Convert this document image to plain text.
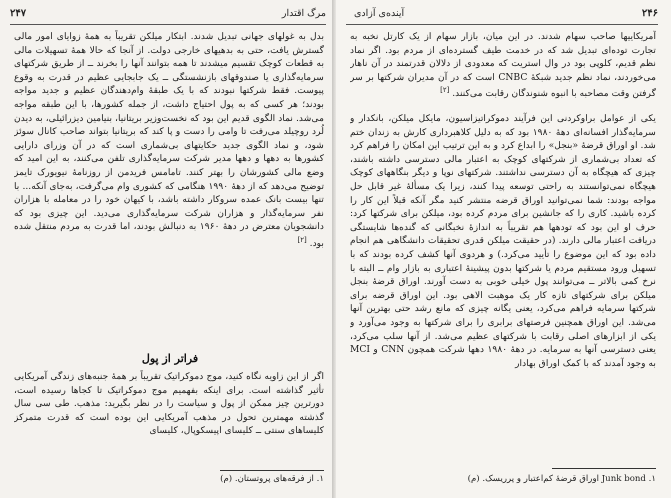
۲۴۷	مرگ اقتدار

بدل به غولهای جهانی تبدیل شدند. ابتکار میلکن تقریباً به همهٔ زوایای امور مالی گسترش یافت، حتی به بدهیهای خارجی دولت. از آنجا که حالا همهٔ تسهیلات مالی به قطعات کوچک تقسیم میشدند تا همه بتوانند آنها را بخرند ــ از طریق شرکتهای سرمایه‌گذاری یا صندوقهای بازنشستگی ــ یک جابجایی عظیم در قدرت به وقوع پیوست. فقط شرکتها نبودند که با یک طبقهٔ وام‌دهندگان عظیم و جدید مواجه بودند؛ هر کسی که به پول احتیاج داشت، از جمله کشورها، با این طبقه مواجه می‌شد. نماد الگوی قدیم این بود که نخست‌وزیر بریتانیا، بنیامین دیزرائیلی، به دیدن لُرد روچیلد می‌رفت تا وامی را دست و پا کند که بریتانیا بتواند صاحب کانال سوئز شود، و نماد الگوی جدید حکایتهای بی‌شماری است که در آن وزرای دارایی کشورها به دهها و دهها مدیر شرکت سرمایه‌گذاری تلفن می‌کنند، به این امید که وضع مالی کشورشان را بهتر کنند. تامامس فریدمن از روزنامهٔ نیویورک تایمز توضیح می‌دهد که از دههٔ ۱۹۹۰ هنگامی که کشوری وام می‌گرفت، به‌جای آنکه... با تنها بیست بانک عمده سروکار داشته باشد، با کیهان خود را در معامله با هزاران نفر سرمایه‌گذار و هزاران شرکت سرمایه‌گذاری می‌دید. این چیزی بود که دانشجویان معترض در دههٔ ۱۹۶۰ به دنبالش بودند، اما قدرت به مردم منتقل شده بود. [۲]

فراتر از پول

اگر از این زاویه نگاه کنید، موج دموکراتیک تقریباً بر همهٔ جنبه‌های زندگی آمریکایی تأثیر گذاشته است. برای اینکه بفهمیم موج دموکراتیک تا کجاها رسیده است، دورترین چیز ممکن از پول و سیاست را در نظر بگیرید: مذهب. طی سی سال گذشته مهمترین تحول در مذهب آمریکایی این بوده است که قدرت متمرکز کلیساهای سنتی ــ کلیسای اپیسکوپال، کلیسای

۱. از فرقه‌های پروتستان. (م)
۲۴۶
آینده‌ی آزادی

آمریکاییها صاحب سهام شدند. در این میان، بازار سهام از یک کارتل نخبه به تجارت توده‌ای تبدیل شد که در خدمت طیف گسترده‌ای از مردم بود. اگر نماد نظم قدیم، کلوپی بود در وال استریت که معدودی از دلالان قدرتمند در آن ناهار می‌خوردند، نماد نظم جدید شبکهٔ CNBC است که در آن مدیران شرکتها بر سر گرفتن وقت مصاحبه با انبوه شنوندگان رقابت می‌کنند. [۲]

یکی از عوامل براوکردنی این فرآیند دموکراتیزاسیون، مایکل میلکن، بانکدار و سرمایه‌گذار افسانه‌ای دههٔ ۱۹۸۰ بود که به دلیل کلاهبرداری کارش به زندان ختم شد. او اوراق قرضهٔ «بنجل» را ابداع کرد و به این ترتیب این امکان را فراهم کرد که تعداد بی‌شماری از شرکتهای کوچک به اعتبار مالی دسترسی داشته باشند، چیزی که هیچگاه به آن دسترسی نداشتند. شرکتهای نوپا و دیگر بنگاههای کوچک هیچگاه نمی‌توانستند به راحتی توسعه پیدا کنند، زیرا یک مسألهٔ غیر قابل حل مواجه بودند: شما نمی‌توانید اوراق قرضه منتشر کنید مگر آنکه قبلاً این کار را کرده باشید. کاری را که جانشین برای مردم کرده بود، میلکن برای شرکتها کرد: حرف او این بود که تودهها هم تقریباً به اندازهٔ نخبگانی که گنده‌ها شایستگی دریافت اعتبار مالی دارند. (در حقیقت میلکن قدری تحقیقات دانشگاهی هم انجام داده بود که این موضوع را تأیید می‌کرد.) و هردوی آنها کشف کرده بودند که با تسهیل ورود مستقیم مردم یا شرکتها بدون پیشینهٔ اعتباری به بازار وام ــ البته با نرخ کمی بالاتر ــ می‌توانند پول خیلی خوبی به دست آورند. اوراق قرضهٔ بنجل میلکن برای شرکتهای تازه کار یک موهبت الاهی بود. این اوراق قرضه برای شرکتها سرمایه فراهم می‌کرد، یعنی یگانه چیزی که مانع رشد حتی بهترین آنها می‌شد. این اوراق همچنین فرصتهای برابری را برای شرکتها به وجود می‌آورد و یکی از ابزارهای اصلی رقابت با شرکتهای عظیم می‌شد. از آنها سلب می‌کرد، یعنی دسترسی آنها به سرمایه. در دههٔ ۱۹۸۰ دهها شرکت همچون CNN و MCI به وجود آمدند که با کمک اوراق بهادار

۱. Junk bond اوراق قرضهٔ کم‌اعتبار و پرریسک. (م)
